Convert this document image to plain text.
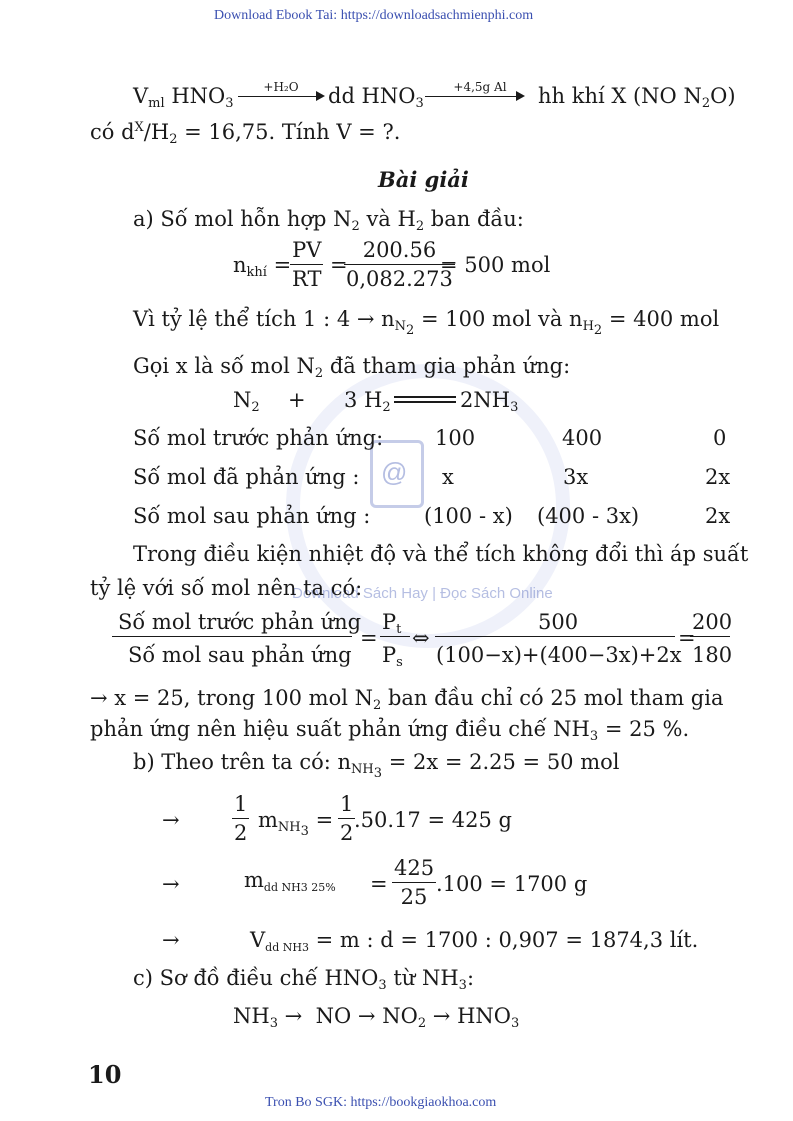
Download Ebook Tai: https://downloadsachmienphi.com
Tron Bo SGK: https://bookgiaokhoa.com
@
Download Sách Hay | Đọc Sách Online
$V_{ml}$ $HNO_3$
+H₂O	dd $HNO_3$
+4,5g Al	hh khí X (NO $N_2O$)
có $d^X/H_2 = 16,75$. Tính V = ?.
Bài giải
a) Số mol hỗn hợp $N_2$ và $H_2$ ban đầu:
$n_{khí}$ =
$\frac{PV}{RT}$ =
$\frac{200.56}{0,082.273}$
= 500 mol
Vì tỷ lệ thể tích 1 : $4 \to n_{N_2} = 100$ mol và $n_{H_2} = 400$ mol
Gọi x là số mol $N_2$ đã tham gia phản ứng:
$N_2 + 3$ $H_2$	$2NH_3$
Số mol trước phản ứng: 100	400	0
Số mol đã phản ứng :	x	3x	2x
Số mol sau phản ứng :	(100 - x) (400 - 3x)	2x
Trong điều kiện nhiệt độ và thể tích không đổi thì áp suất
tỷ lệ với số mol nên ta có:
Số mol trước phản ứng
Số mol sau phản ứng
=
$P_t$
$P_s$
⇔
500
(100−x)+(400−3x)+2x
=
200
180
→ x = 25, trong 100 mol $N_2$ ban đầu chỉ có 25 mol tham gia
phản ứng nên hiệu suất phản ứng điều chế $NH_3 = 25$ %.
b) Theo trên ta có: $n_{NH_3} = 2x = 2.25 = 50$ mol
→ $\frac{1}{2} m_{NH_3} = \frac{1}{2}$
.50.17 = 425 g
→	$m_{dd NH3 25\%} = \frac{425}{25} .100 = 1700$ g
→	$V_{dd NH3} = m$ : d = 1700 : 0,907 = 1874,3 lít.
c) Sơ đồ điều chế $HNO_3$ từ $NH_3$:
$NH_3$ → NO → $NO_2 \to HNO_3$
10
